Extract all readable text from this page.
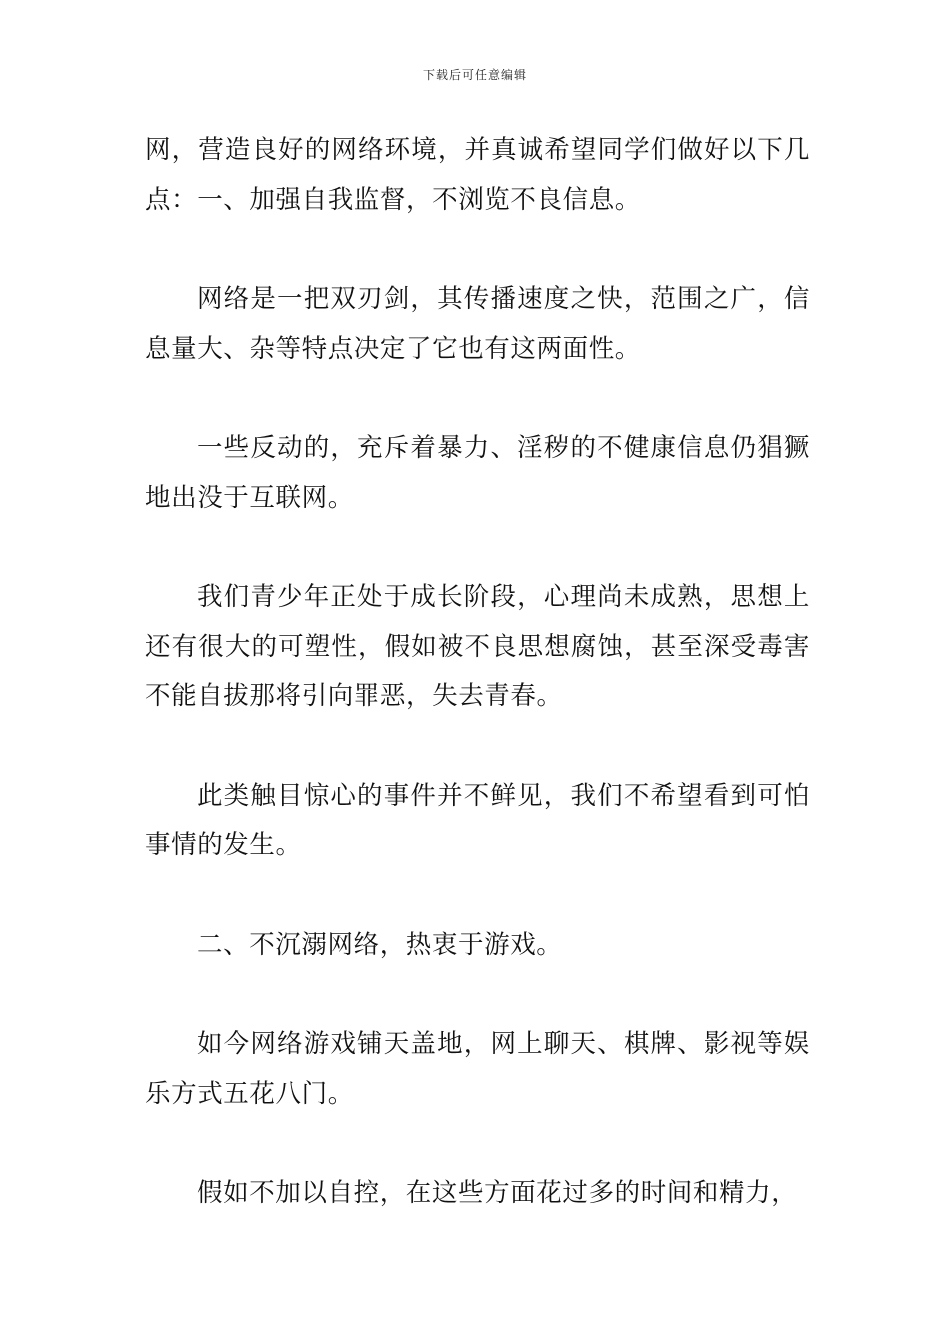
下载后可任意编辑

网，营造良好的网络环境，并真诚希望同学们做好以下几点：一、加强自我监督，不浏览不良信息。

网络是一把双刃剑，其传播速度之快，范围之广，信息量大、杂等特点决定了它也有这两面性。

一些反动的，充斥着暴力、淫秽的不健康信息仍猖獗地出没于互联网。

我们青少年正处于成长阶段，心理尚未成熟，思想上还有很大的可塑性，假如被不良思想腐蚀，甚至深受毒害不能自拔那将引向罪恶，失去青春。

此类触目惊心的事件并不鲜见，我们不希望看到可怕事情的发生。

二、不沉溺网络，热衷于游戏。

如今网络游戏铺天盖地，网上聊天、棋牌、影视等娱乐方式五花八门。

假如不加以自控，在这些方面花过多的时间和精力，
